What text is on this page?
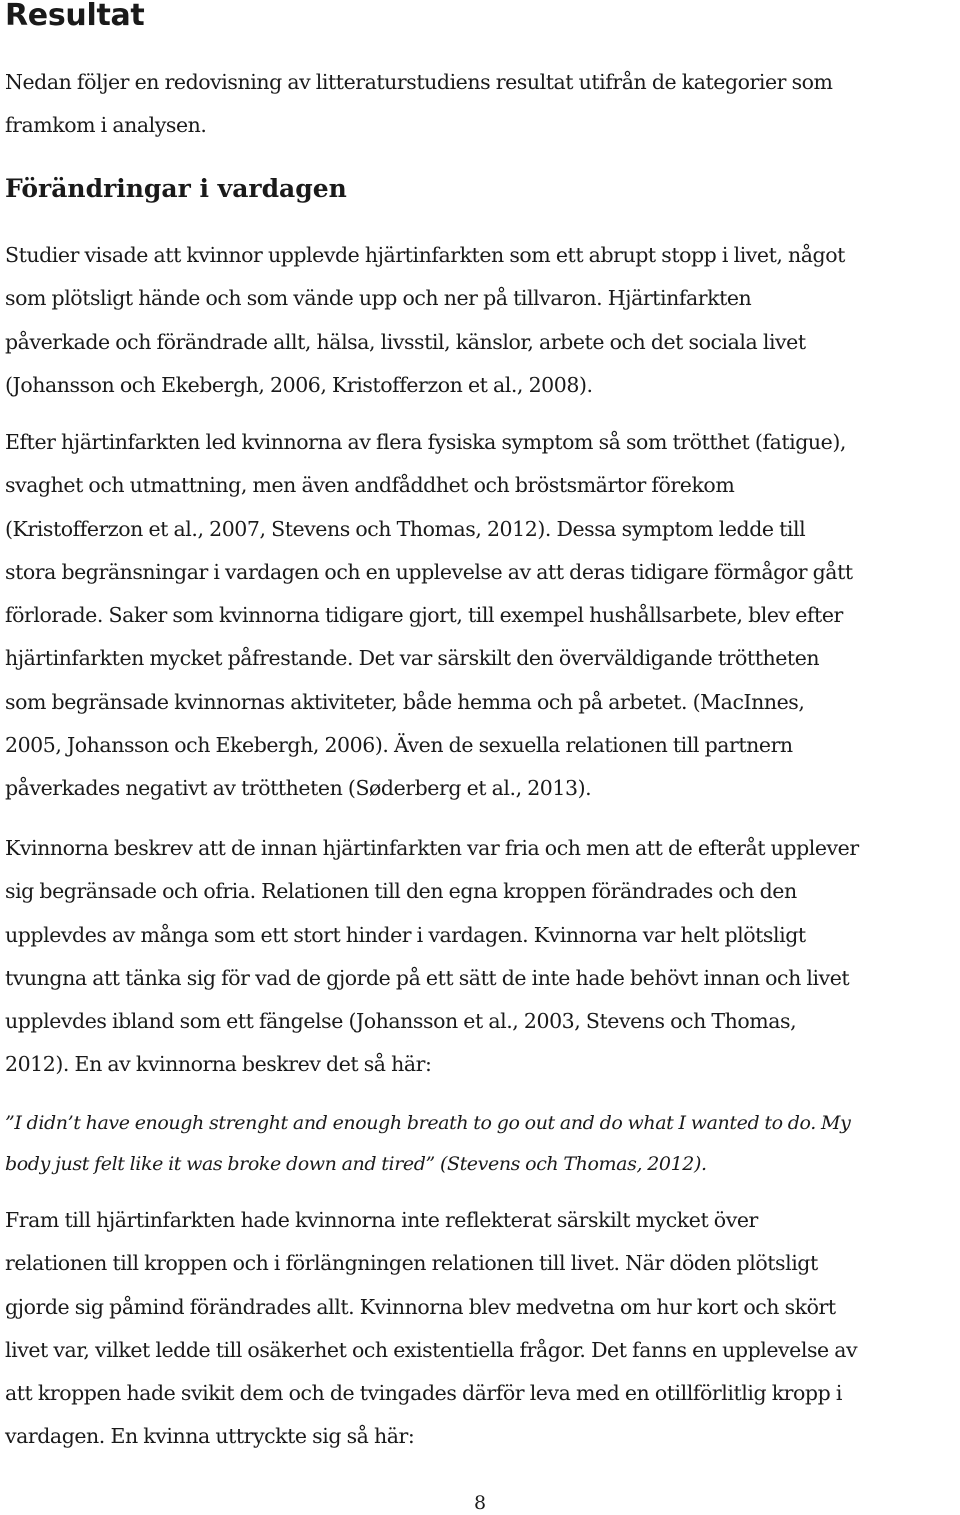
Resultat

Nedan följer en redovisning av litteraturstudiens resultat utifrån de kategorier som
framkom i analysen.

Förändringar i vardagen

Studier visade att kvinnor upplevde hjärtinfarkten som ett abrupt stopp i livet, något
som plötsligt hände och som vände upp och ner på tillvaron. Hjärtinfarkten
påverkade och förändrade allt, hälsa, livsstil, känslor, arbete och det sociala livet
(Johansson och Ekebergh, 2006, Kristofferzon et al., 2008).

Efter hjärtinfarkten led kvinnorna av flera fysiska symptom så som trötthet (fatigue),
svaghet och utmattning, men även andfåddhet och bröstsmärtor förekom
(Kristofferzon et al., 2007, Stevens och Thomas, 2012). Dessa symptom ledde till
stora begränsningar i vardagen och en upplevelse av att deras tidigare förmågor gått
förlorade. Saker som kvinnorna tidigare gjort, till exempel hushållsarbete, blev efter
hjärtinfarkten mycket påfrestande. Det var särskilt den överväldigande tröttheten
som begränsade kvinnornas aktiviteter, både hemma och på arbetet. (MacInnes,
2005, Johansson och Ekebergh, 2006). Även de sexuella relationen till partnern
påverkades negativt av tröttheten (Søderberg et al., 2013).

Kvinnorna beskrev att de innan hjärtinfarkten var fria och men att de efteråt upplever
sig begränsade och ofria. Relationen till den egna kroppen förändrades och den
upplevdes av många som ett stort hinder i vardagen. Kvinnorna var helt plötsligt
tvungna att tänka sig för vad de gjorde på ett sätt de inte hade behövt innan och livet
upplevdes ibland som ett fängelse (Johansson et al., 2003, Stevens och Thomas,
2012). En av kvinnorna beskrev det så här:

”I didn’t have enough strenght and enough breath to go out and do what I wanted to do. My
body just felt like it was broke down and tired” (Stevens och Thomas, 2012).

Fram till hjärtinfarkten hade kvinnorna inte reflekterat särskilt mycket över
relationen till kroppen och i förlängningen relationen till livet. När döden plötsligt
gjorde sig påmind förändrades allt. Kvinnorna blev medvetna om hur kort och skört
livet var, vilket ledde till osäkerhet och existentiella frågor. Det fanns en upplevelse av
att kroppen hade svikit dem och de tvingades därför leva med en otillförlitlig kropp i
vardagen. En kvinna uttryckte sig så här:

8
